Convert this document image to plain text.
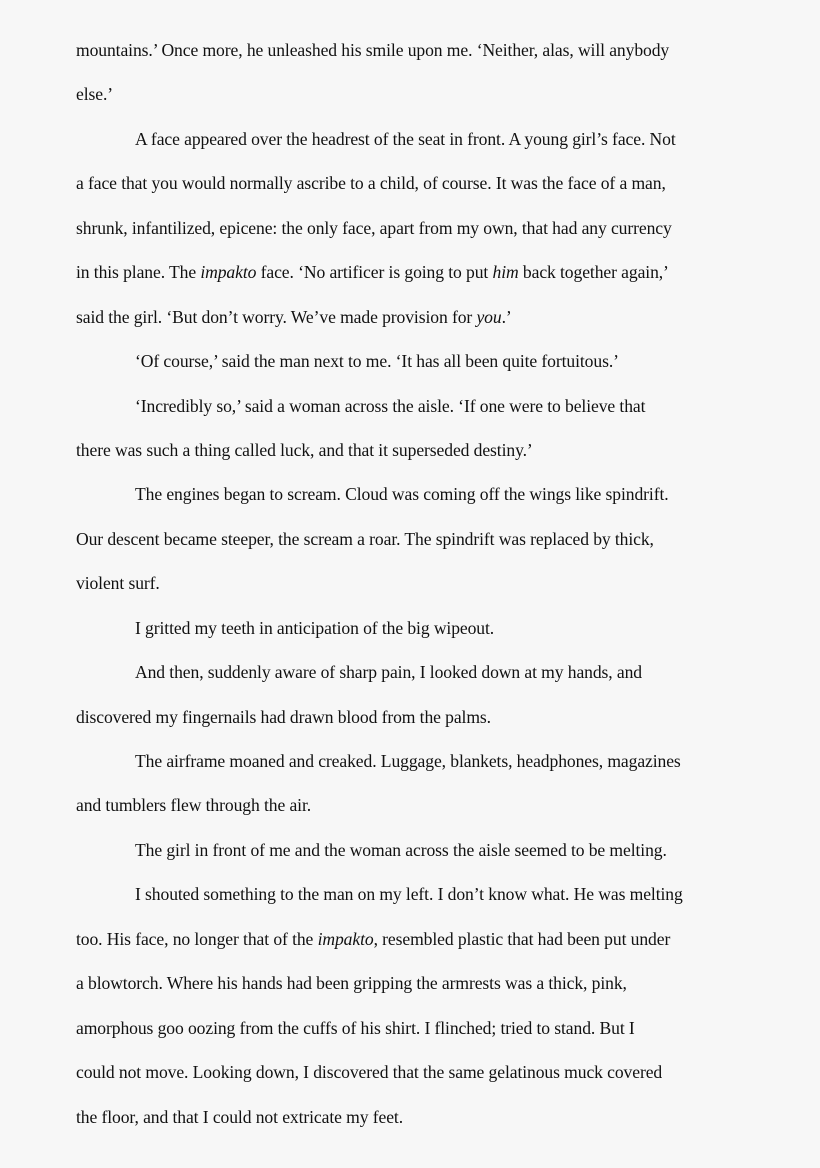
mountains.’ Once more, he unleashed his smile upon me. ‘Neither, alas, will anybody
else.’
A face appeared over the headrest of the seat in front. A young girl’s face. Not
a face that you would normally ascribe to a child, of course. It was the face of a man,
shrunk, infantilized, epicene: the only face, apart from my own, that had any currency
in this plane. The impakto face. ‘No artificer is going to put him back together again,’
said the girl. ‘But don’t worry. We’ve made provision for you.’
‘Of course,’ said the man next to me. ‘It has all been quite fortuitous.’
‘Incredibly so,’ said a woman across the aisle. ‘If one were to believe that
there was such a thing called luck, and that it superseded destiny.’
The engines began to scream. Cloud was coming off the wings like spindrift.
Our descent became steeper, the scream a roar. The spindrift was replaced by thick,
violent surf.
I gritted my teeth in anticipation of the big wipeout.
And then, suddenly aware of sharp pain, I looked down at my hands, and
discovered my fingernails had drawn blood from the palms.
The airframe moaned and creaked. Luggage, blankets, headphones, magazines
and tumblers flew through the air.
The girl in front of me and the woman across the aisle seemed to be melting.
I shouted something to the man on my left. I don’t know what. He was melting
too. His face, no longer that of the impakto, resembled plastic that had been put under
a blowtorch. Where his hands had been gripping the armrests was a thick, pink,
amorphous goo oozing from the cuffs of his shirt. I flinched; tried to stand. But I
could not move. Looking down, I discovered that the same gelatinous muck covered
the floor, and that I could not extricate my feet.
